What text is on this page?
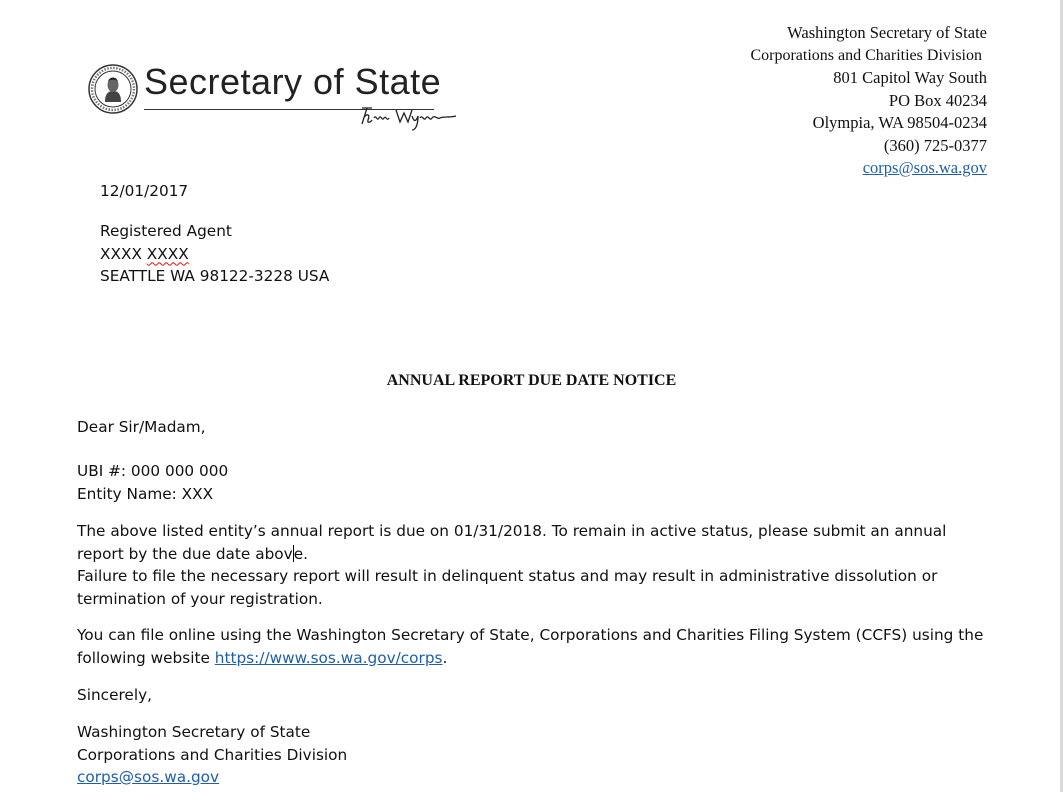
Secretary of State
Washington Secretary of State
Corporations and Charities Division
801 Capitol Way South
PO Box 40234
Olympia, WA 98504-0234
(360) 725-0377
corps@sos.wa.gov
12/01/2017
Registered Agent
XXXX XXXX
SEATTLE WA 98122-3228 USA
ANNUAL REPORT DUE DATE NOTICE
Dear Sir/Madam,
UBI #: 000 000 000
Entity Name: XXX
The above listed entity’s annual report is due on 01/31/2018. To remain in active status, please submit an annual
report by the due date above.
Failure to file the necessary report will result in delinquent status and may result in administrative dissolution or
termination of your registration.
You can file online using the Washington Secretary of State, Corporations and Charities Filing System (CCFS) using the
following website https://www.sos.wa.gov/corps.
Sincerely,
Washington Secretary of State
Corporations and Charities Division
corps@sos.wa.gov
